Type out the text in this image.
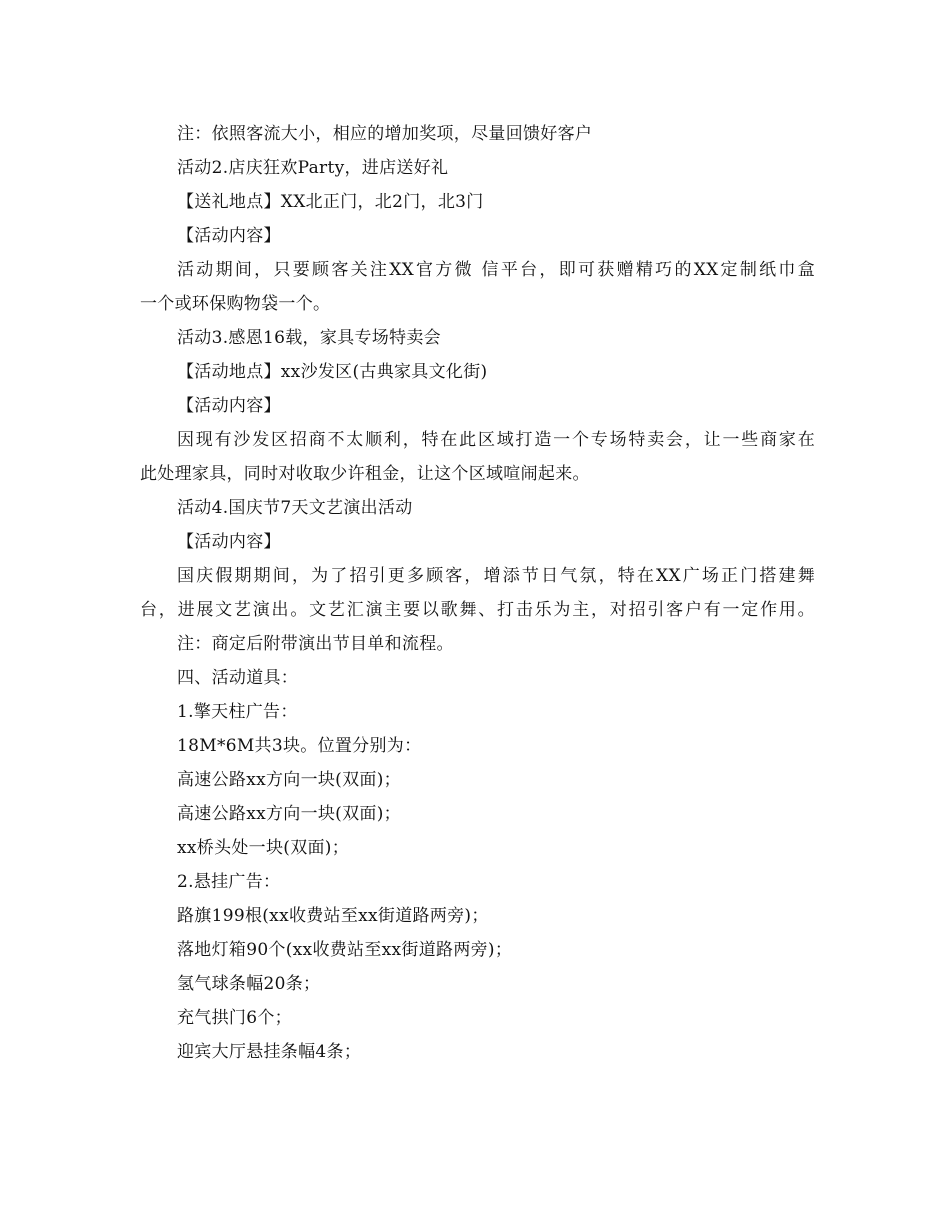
注：依照客流大小，相应的增加奖项，尽量回馈好客户
活动2.店庆狂欢Party，进店送好礼
【送礼地点】XX北正门，北2门，北3门
【活动内容】
活动期间，只要顾客关注XX官方微 信平台，即可获赠精巧的XX定制纸巾盒
一个或环保购物袋一个。
活动3.感恩16载，家具专场特卖会
【活动地点】xx沙发区(古典家具文化街)
【活动内容】
因现有沙发区招商不太顺利，特在此区域打造一个专场特卖会，让一些商家在
此处理家具，同时对收取少许租金，让这个区域喧闹起来。
活动4.国庆节7天文艺演出活动
【活动内容】
国庆假期期间，为了招引更多顾客，增添节日气氛，特在XX广场正门搭建舞
台，进展文艺演出。文艺汇演主要以歌舞、打击乐为主，对招引客户有一定作用。
注：商定后附带演出节目单和流程。
四、活动道具：
1.擎天柱广告：
18M*6M共3块。位置分别为：
高速公路xx方向一块(双面)；
高速公路xx方向一块(双面)；
xx桥头处一块(双面)；
2.悬挂广告：
路旗199根(xx收费站至xx街道路两旁)；
落地灯箱90个(xx收费站至xx街道路两旁)；
氢气球条幅20条；
充气拱门6个；
迎宾大厅悬挂条幅4条；
